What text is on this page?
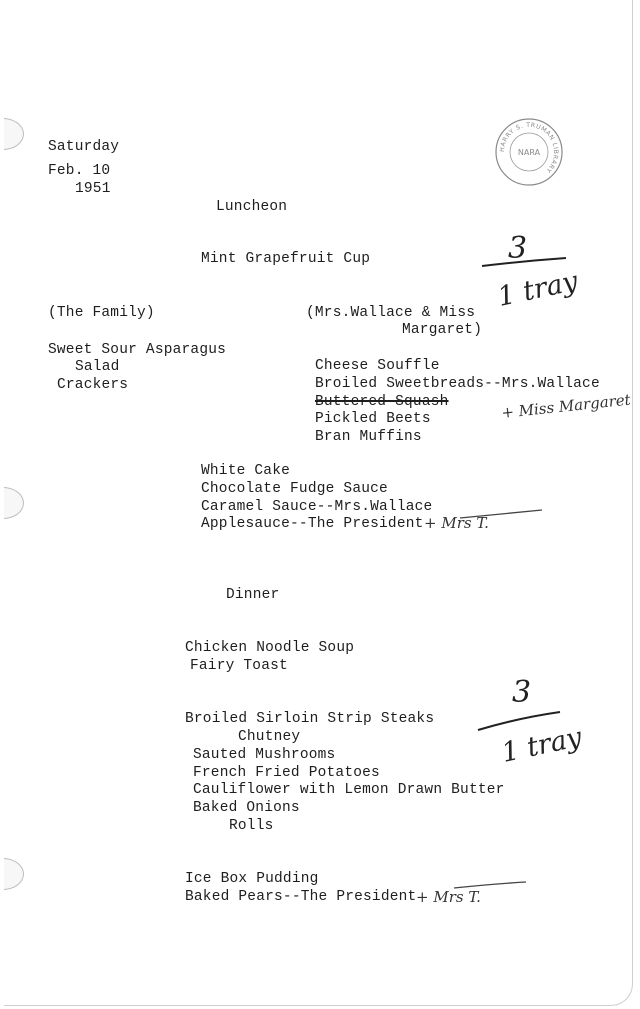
Saturday
Feb. 10
1951
HARRY S. TRUMAN LIBRARY
NARA
Luncheon
Mint Grapefruit Cup
(The Family)
Sweet Sour Asparagus
Salad
Crackers
(Mrs.Wallace & Miss
Margaret)
Cheese Souffle
Broiled Sweetbreads--Mrs.Wallace
Buttered Squash
Pickled Beets
Bran Muffins
White Cake
Chocolate Fudge Sauce
Caramel Sauce--Mrs.Wallace
Applesauce--The President
Dinner
Chicken Noodle Soup
Fairy Toast
Broiled Sirloin Strip Steaks
Chutney
Sauted Mushrooms
French Fried Potatoes
Cauliflower with Lemon Drawn Butter
Baked Onions
Rolls
Ice Box Pudding
Baked Pears--The President
3
1 tray
+ Miss Margaret
+ Mrs T.
3
1 tray
+ Mrs T.
